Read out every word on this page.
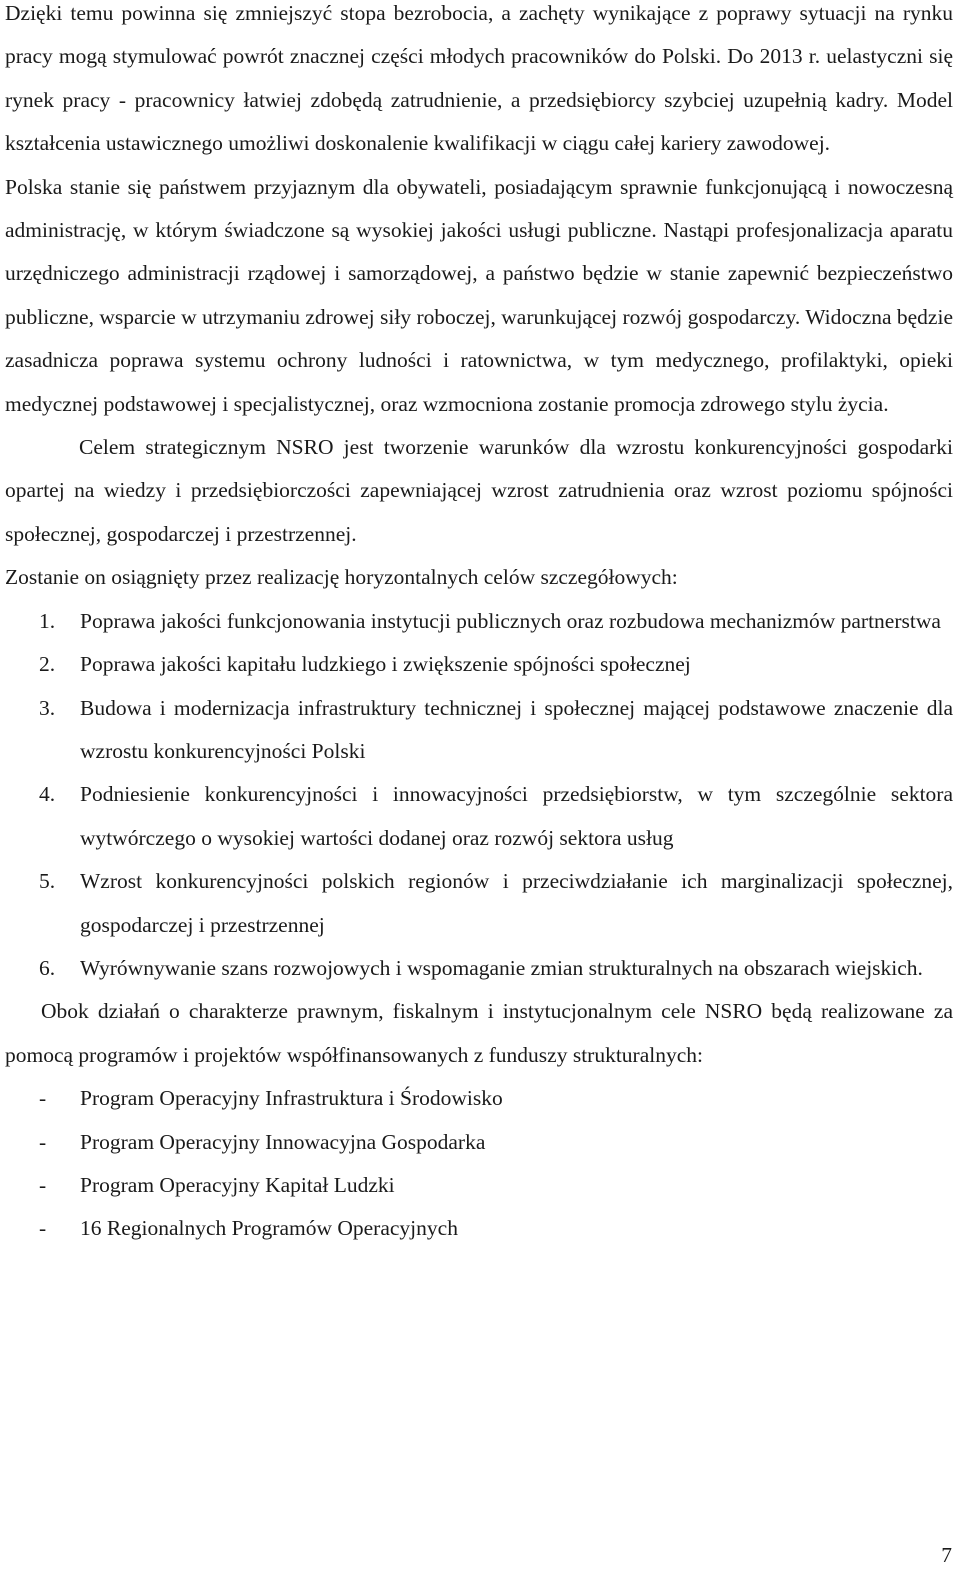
Dzięki temu powinna się zmniejszyć stopa bezrobocia, a zachęty wynikające z poprawy sytuacji na rynku pracy mogą stymulować powrót znacznej części młodych pracowników do Polski. Do 2013 r. uelastyczni się rynek pracy - pracownicy łatwiej zdobędą zatrudnienie, a przedsiębiorcy szybciej uzupełnią kadry. Model kształcenia ustawicznego umożliwi doskonalenie kwalifikacji w ciągu całej kariery zawodowej.

Polska stanie się państwem przyjaznym dla obywateli, posiadającym sprawnie funkcjonującą i nowoczesną administrację, w którym świadczone są wysokiej jakości usługi publiczne. Nastąpi profesjonalizacja aparatu urzędniczego administracji rządowej i samorządowej, a państwo będzie w stanie zapewnić bezpieczeństwo publiczne, wsparcie w utrzymaniu zdrowej siły roboczej, warunkującej rozwój gospodarczy. Widoczna będzie zasadnicza poprawa systemu ochrony ludności i ratownictwa, w tym medycznego, profilaktyki, opieki medycznej podstawowej i specjalistycznej, oraz wzmocniona zostanie promocja zdrowego stylu życia.

Celem strategicznym NSRO jest tworzenie warunków dla wzrostu konkurencyjności gospodarki opartej na wiedzy i przedsiębiorczości zapewniającej wzrost zatrudnienia oraz wzrost poziomu spójności społecznej, gospodarczej i przestrzennej.

Zostanie on osiągnięty przez realizację horyzontalnych celów szczegółowych:

1. Poprawa jakości funkcjonowania instytucji publicznych oraz rozbudowa mechanizmów partnerstwa
2. Poprawa jakości kapitału ludzkiego i zwiększenie spójności społecznej
3. Budowa i modernizacja infrastruktury technicznej i społecznej mającej podstawowe znaczenie dla wzrostu konkurencyjności Polski
4. Podniesienie konkurencyjności i innowacyjności przedsiębiorstw, w tym szczególnie sektora wytwórczego o wysokiej wartości dodanej oraz rozwój sektora usług
5. Wzrost konkurencyjności polskich regionów i przeciwdziałanie ich marginalizacji społecznej, gospodarczej i przestrzennej
6. Wyrównywanie szans rozwojowych i wspomaganie zmian strukturalnych na obszarach wiejskich.

Obok działań o charakterze prawnym, fiskalnym i instytucjonalnym cele NSRO będą realizowane za pomocą programów i projektów współfinansowanych z funduszy strukturalnych:

- Program Operacyjny Infrastruktura i Środowisko
- Program Operacyjny Innowacyjna Gospodarka
- Program Operacyjny Kapitał Ludzki
- 16 Regionalnych Programów Operacyjnych
7
